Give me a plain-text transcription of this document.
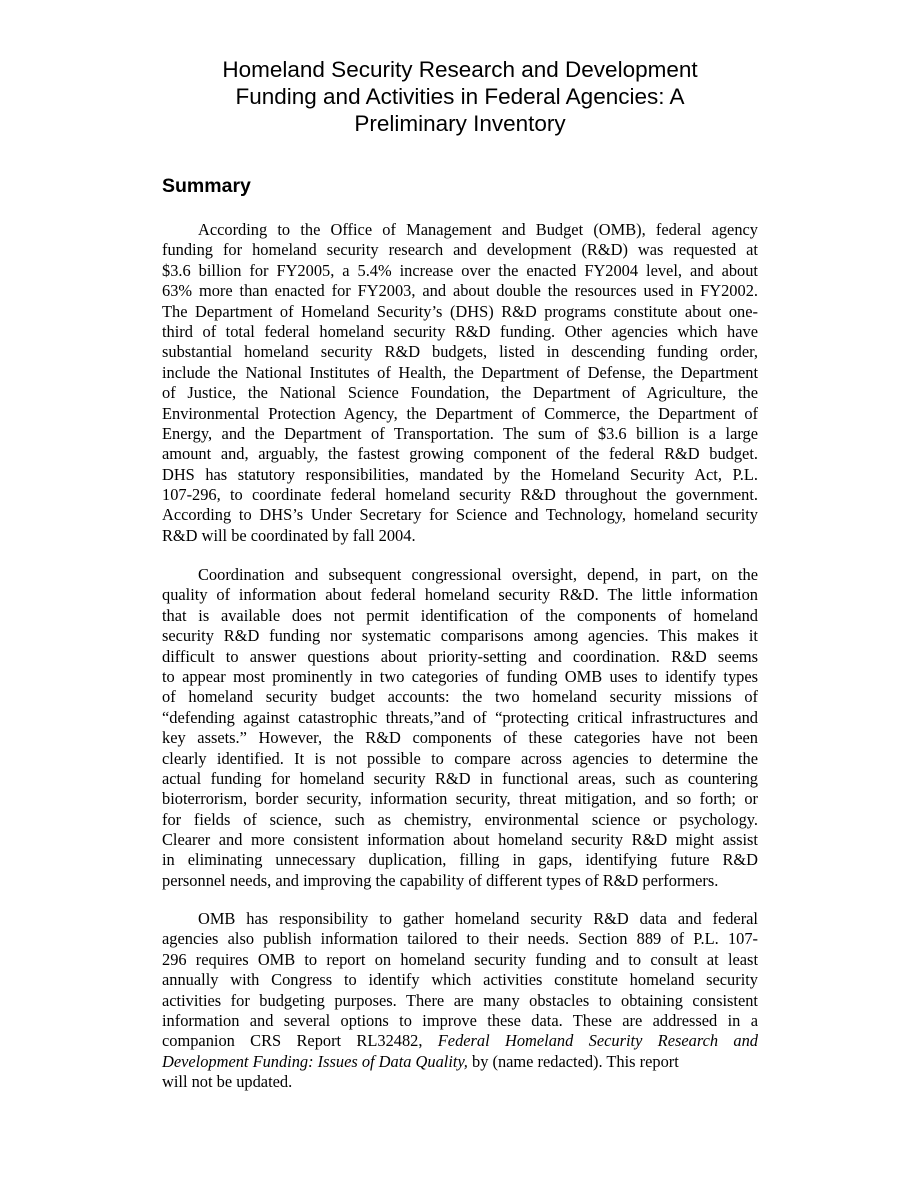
Homeland Security Research and Development
Funding and Activities in Federal Agencies: A
Preliminary Inventory
Summary
According to the Office of Management and Budget (OMB), federal agency
funding for homeland security research and development (R&D) was requested at
$3.6 billion for FY2005, a 5.4% increase over the enacted FY2004 level, and about
63% more than enacted for FY2003, and about double the resources used in FY2002.
The Department of Homeland Security’s (DHS) R&D programs constitute about one-
third of total federal homeland security R&D funding. Other agencies which have
substantial homeland security R&D budgets, listed in descending funding order,
include the National Institutes of Health, the Department of Defense, the Department
of Justice, the National Science Foundation, the Department of Agriculture, the
Environmental Protection Agency, the Department of Commerce, the Department of
Energy, and the Department of Transportation. The sum of $3.6 billion is a large
amount and, arguably, the fastest growing component of the federal R&D budget.
DHS has statutory responsibilities, mandated by the Homeland Security Act, P.L.
107-296, to coordinate federal homeland security R&D throughout the government.
According to DHS’s Under Secretary for Science and Technology, homeland security
R&D will be coordinated by fall 2004.
Coordination and subsequent congressional oversight, depend, in part, on the
quality of information about federal homeland security R&D. The little information
that is available does not permit identification of the components of homeland
security R&D funding nor systematic comparisons among agencies. This makes it
difficult to answer questions about priority-setting and coordination. R&D seems
to appear most prominently in two categories of funding OMB uses to identify types
of homeland security budget accounts: the two homeland security missions of
“defending against catastrophic threats,”and of “protecting critical infrastructures and
key assets.” However, the R&D components of these categories have not been
clearly identified. It is not possible to compare across agencies to determine the
actual funding for homeland security R&D in functional areas, such as countering
bioterrorism, border security, information security, threat mitigation, and so forth; or
for fields of science, such as chemistry, environmental science or psychology.
Clearer and more consistent information about homeland security R&D might assist
in eliminating unnecessary duplication, filling in gaps, identifying future R&D
personnel needs, and improving the capability of different types of R&D performers.
OMB has responsibility to gather homeland security R&D data and federal
agencies also publish information tailored to their needs. Section 889 of P.L. 107-
296 requires OMB to report on homeland security funding and to consult at least
annually with Congress to identify which activities constitute homeland security
activities for budgeting purposes. There are many obstacles to obtaining consistent
information and several options to improve these data. These are addressed in a
companion CRS Report RL32482, Federal Homeland Security Research and
Development Funding: Issues of Data Quality, by (name redacted). This report
will not be updated.
